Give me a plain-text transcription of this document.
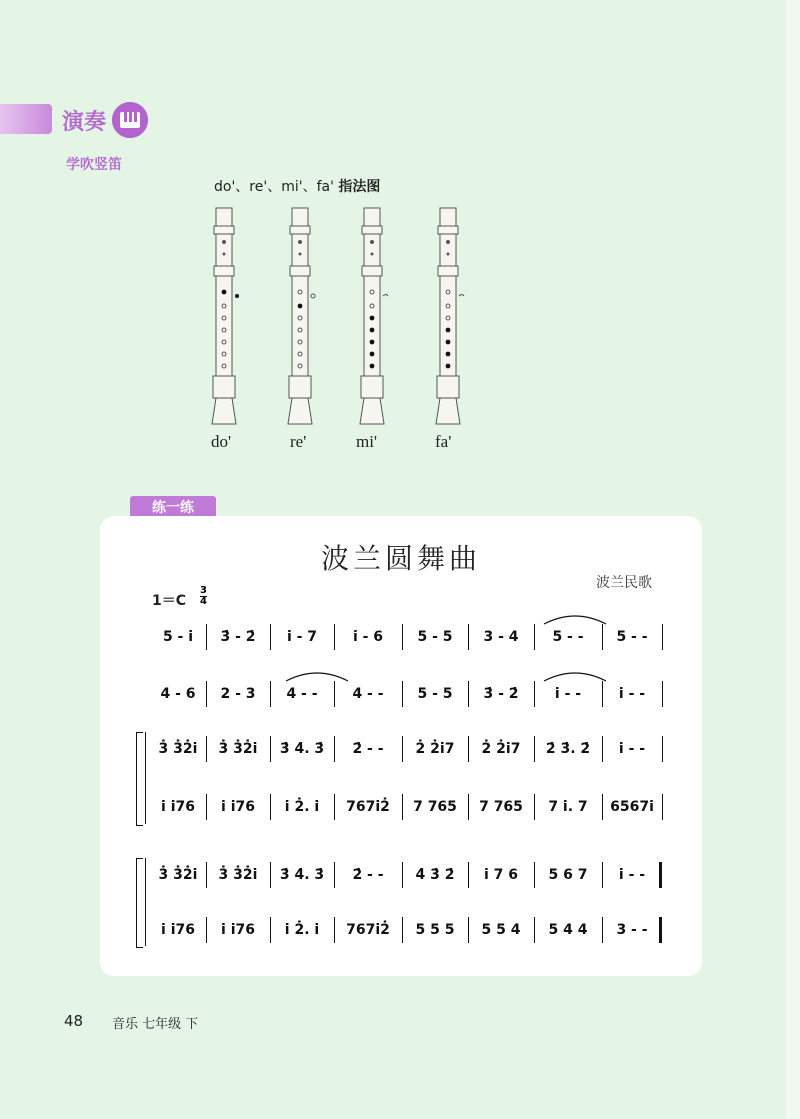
演奏
学吹竖笛
do'、re'、mi'、fa' 指法图
do'	re'	mi'	fa'
练一练
波兰圆舞曲
波兰民歌
1＝C
3
4
5 - i	3̇ - 2̇	i - 7	i - 6	5 - 5	3 - 4	5 - -	5 - -
4 - 6	2 - 3	4 - -	4 - -	5 - 5	3̇ - 2̇	i - -	i - -
3̇ 3̇2̇i	3̇ 3̇2̇i	3̇ 4̇. 3̇	2̇ - -	2̇ 2̇i7	2̇ 2̇i7	2̇ 3̇. 2̇	i - -
i i76	i i76	i 2̇. i	767i2̇	7 765	7 765	7 i. 7	6567i
3̇ 3̇2̇i	3̇ 3̇2̇i	3̇ 4̇. 3̇	2̇ - -	4̇ 3̇ 2̇	i 7 6	5 6 7	i - -
i i76	i i76	i 2̇. i	767i2̇	5 5 5	5 5 4	5 4 4	3 - -
48 音乐 七年级 下
